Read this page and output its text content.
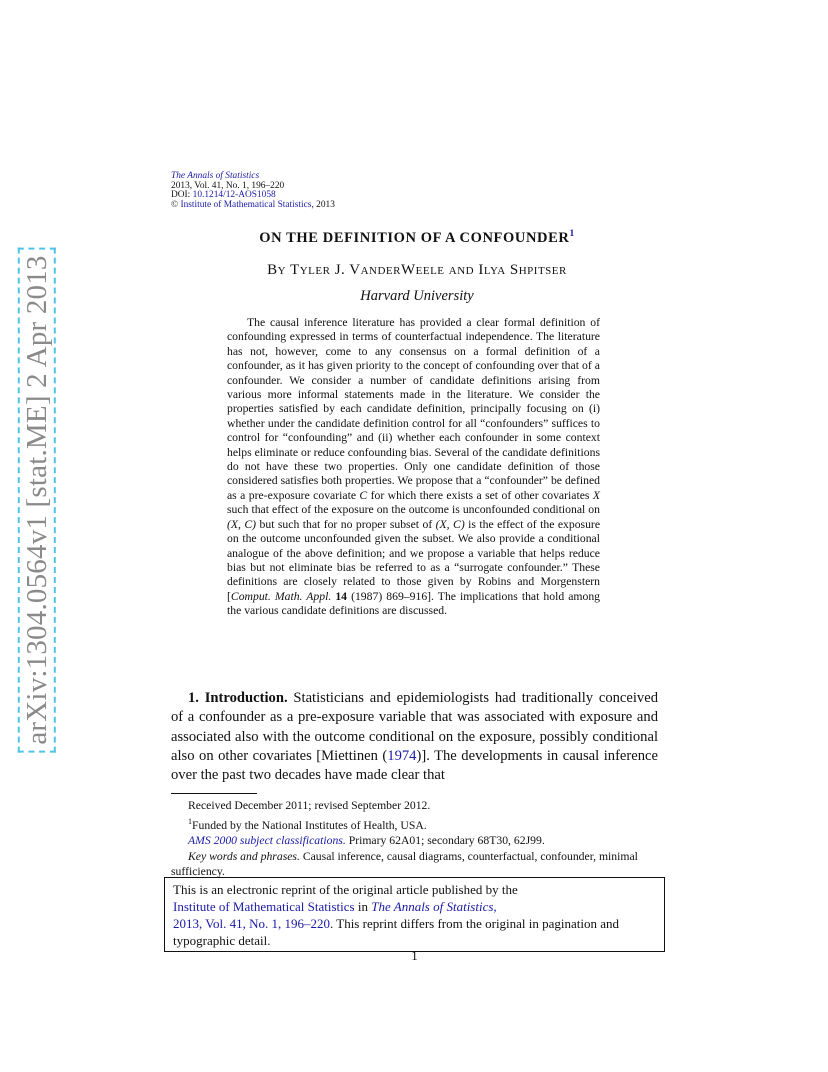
arXiv:1304.0564v1 [stat.ME] 2 Apr 2013
The Annals of Statistics
2013, Vol. 41, No. 1, 196–220
DOI: 10.1214/12-AOS1058
© Institute of Mathematical Statistics, 2013
ON THE DEFINITION OF A CONFOUNDER$^1$
By Tyler J. VanderWeele and Ilya Shpitser
Harvard University

The causal inference literature has provided a clear formal definition of confounding expressed in terms of counterfactual independence. The literature has not, however, come to any consensus on a formal definition of a confounder, as it has given priority to the concept of confounding over that of a confounder. We consider a number of candidate definitions arising from various more informal statements made in the literature. We consider the properties satisfied by each candidate definition, principally focusing on (i) whether under the candidate definition control for all “confounders” suffices to control for “confounding” and (ii) whether each confounder in some context helps eliminate or reduce confounding bias. Several of the candidate definitions do not have these two properties. Only one candidate definition of those considered satisfies both properties. We propose that a “confounder” be defined as a pre-exposure covariate C for which there exists a set of other covariates X such that effect of the exposure on the outcome is unconfounded conditional on (X, C) but such that for no proper subset of (X, C) is the effect of the exposure on the outcome unconfounded given the subset. We also provide a conditional analogue of the above definition; and we propose a variable that helps reduce bias but not eliminate bias be referred to as a “surrogate confounder.” These definitions are closely related to those given by Robins and Morgenstern [Comput. Math. Appl. 14 (1987) 869–916]. The implications that hold among the various candidate definitions are discussed.

1. Introduction. Statisticians and epidemiologists had traditionally conceived of a confounder as a pre-exposure variable that was associated with exposure and associated also with the outcome conditional on the exposure, possibly conditional also on other covariates [Miettinen (1974)]. The developments in causal inference over the past two decades have made clear that

Received December 2011; revised September 2012.

$^1$Funded by the National Institutes of Health, USA.

AMS 2000 subject classifications. Primary 62A01; secondary 68T30, 62J99.

Key words and phrases. Causal inference, causal diagrams, counterfactual, confounder, minimal sufficiency.

This is an electronic reprint of the original article published by the
Institute of Mathematical Statistics in The Annals of Statistics,
2013, Vol. 41, No. 1, 196–220. This reprint differs from the original in pagination and typographic detail.
1
